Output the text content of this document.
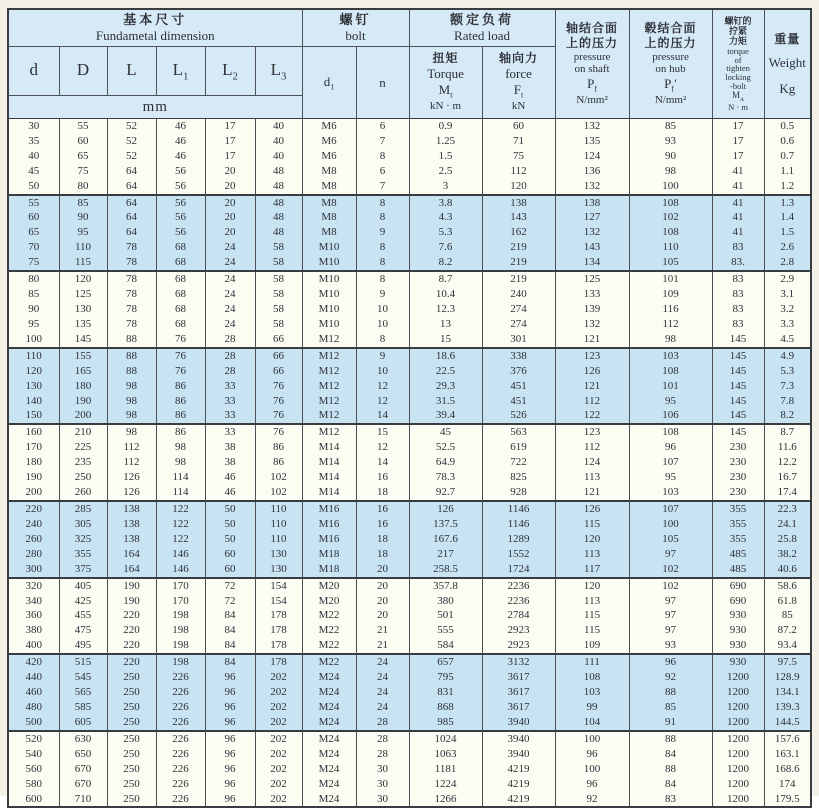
基本尺寸
Fundametal dimension

螺钉
bolt

额定负荷
Rated load

轴结合面
上的压力
pressure
on shaft
$P_f$
N/mm²

毂结合面
上的压力
pressure
on hub
$P_f'$
N/mm²

螺钉的
拧紧
力矩
torque
of
tighten
locking
-bolt
$M_A$
N · m

重量
Weight
Kg

d	D	L	$L_1$	$L_2$	$L_3$	$d_1$	n	
扭矩
Torque
$M_t$
kN · m

轴向力
force
$F_t$
kN

mm													
30	55	52	46	17	40	M6	6	0.9	60	132	85	17	0.5
35	60	52	46	17	40	M6	7	1.25	71	135	93	17	0.6
40	65	52	46	17	40	M6	8	1.5	75	124	90	17	0.7
45	75	64	56	20	48	M8	6	2.5	112	136	98	41	1.1
50	80	64	56	20	48	M8	7	3	120	132	100	41	1.2
55	85	64	56	20	48	M8	8	3.8	138	138	108	41	1.3
60	90	64	56	20	48	M8	8	4.3	143	127	102	41	1.4
65	95	64	56	20	48	M8	9	5.3	162	132	108	41	1.5
70	110	78	68	24	58	M10	8	7.6	219	143	110	83	2.6
75	115	78	68	24	58	M10	8	8.2	219	134	105	83.	2.8
80	120	78	68	24	58	M10	8	8.7	219	125	101	83	2.9
85	125	78	68	24	58	M10	9	10.4	240	133	109	83	3.1
90	130	78	68	24	58	M10	10	12.3	274	139	116	83	3.2
95	135	78	68	24	58	M10	10	13	274	132	112	83	3.3
100	145	88	76	28	66	M12	8	15	301	121	98	145	4.5
110	155	88	76	28	66	M12	9	18.6	338	123	103	145	4.9
120	165	88	76	28	66	M12	10	22.5	376	126	108	145	5.3
130	180	98	86	33	76	M12	12	29.3	451	121	101	145	7.3
140	190	98	86	33	76	M12	12	31.5	451	112	95	145	7.8
150	200	98	86	33	76	M12	14	39.4	526	122	106	145	8.2
160	210	98	86	33	76	M12	15	45	563	123	108	145	8.7
170	225	112	98	38	86	M14	12	52.5	619	112	96	230	11.6
180	235	112	98	38	86	M14	14	64.9	722	124	107	230	12.2
190	250	126	114	46	102	M14	16	78.3	825	113	95	230	16.7
200	260	126	114	46	102	M14	18	92.7	928	121	103	230	17.4
220	285	138	122	50	110	M16	16	126	1146	126	107	355	22.3
240	305	138	122	50	110	M16	16	137.5	1146	115	100	355	24.1
260	325	138	122	50	110	M16	18	167.6	1289	120	105	355	25.8
280	355	164	146	60	130	M18	18	217	1552	113	97	485	38.2
300	375	164	146	60	130	M18	20	258.5	1724	117	102	485	40.6
320	405	190	170	72	154	M20	20	357.8	2236	120	102	690	58.6
340	425	190	170	72	154	M20	20	380	2236	113	97	690	61.8
360	455	220	198	84	178	M22	20	501	2784	115	97	930	85
380	475	220	198	84	178	M22	21	555	2923	115	97	930	87.2
400	495	220	198	84	178	M22	21	584	2923	109	93	930	93.4
420	515	220	198	84	178	M22	24	657	3132	111	96	930	97.5
440	545	250	226	96	202	M24	24	795	3617	108	92	1200	128.9
460	565	250	226	96	202	M24	24	831	3617	103	88	1200	134.1
480	585	250	226	96	202	M24	24	868	3617	99	85	1200	139.3
500	605	250	226	96	202	M24	28	985	3940	104	91	1200	144.5
520	630	250	226	96	202	M24	28	1024	3940	100	88	1200	157.6
540	650	250	226	96	202	M24	28	1063	3940	96	84	1200	163.1
560	670	250	226	96	202	M24	30	1181	4219	100	88	1200	168.6
580	670	250	226	96	202	M24	30	1224	4219	96	84	1200	174
600	710	250	226	96	202	M24	30	1266	4219	92	83	1200	179.5
